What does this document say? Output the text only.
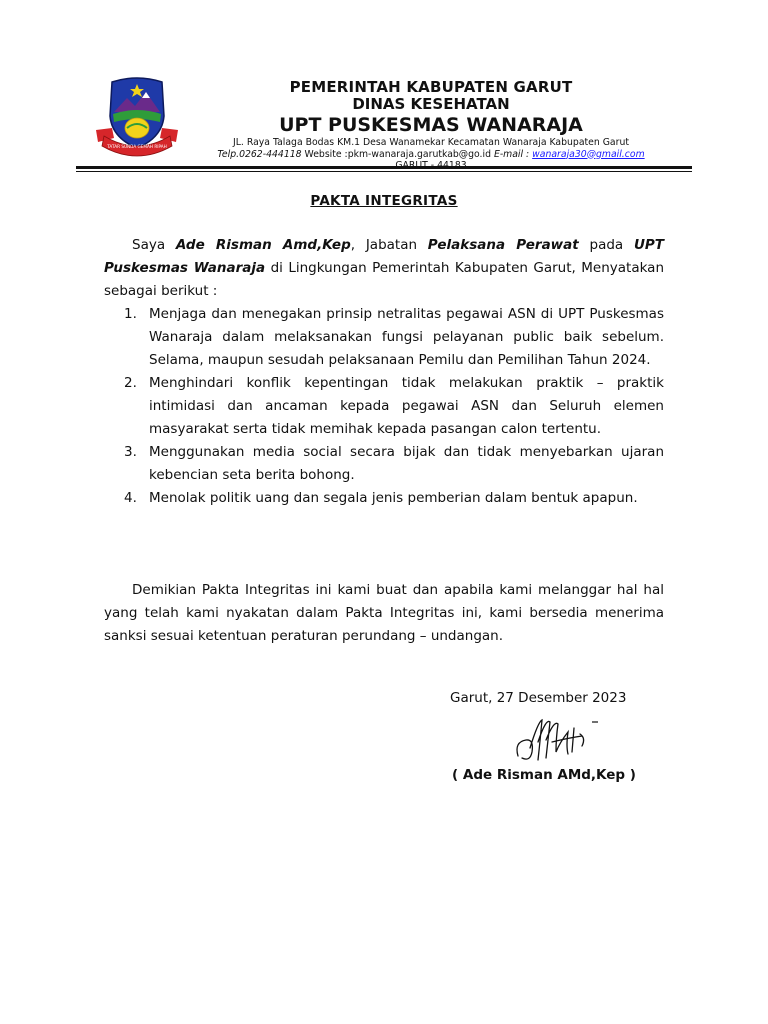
TATAR SUNDA GEMAH RIPAH
PEMERINTAH KABUPATEN GARUT
DINAS KESEHATAN
UPT PUSKESMAS WANARAJA
JL. Raya Talaga Bodas KM.1 Desa Wanamekar Kecamatan Wanaraja Kabupaten Garut
Telp.0262-444118 Website :pkm-wanaraja.garutkab@go.id E-mail : wanaraja30@gmail.com
PAKTA INTEGRITAS
Saya Ade Risman Amd,Kep, Jabatan Pelaksana Perawat pada UPT Puskesmas Wanaraja di Lingkungan Pemerintah Kabupaten Garut, Menyatakan sebagai berikut :
1. Menjaga dan menegakan prinsip netralitas pegawai ASN di UPT Puskesmas Wanaraja dalam melaksanakan fungsi pelayanan public baik sebelum. Selama, maupun sesudah pelaksanaan Pemilu dan Pemilihan Tahun 2024.
2. Menghindari konflik kepentingan tidak melakukan praktik – praktik intimidasi dan ancaman kepada pegawai ASN dan Seluruh elemen masyarakat serta tidak memihak kepada pasangan calon tertentu.
3. Menggunakan media social secara bijak dan tidak menyebarkan ujaran kebencian seta berita bohong.
4. Menolak politik uang dan segala jenis pemberian dalam bentuk apapun.
Demikian Pakta Integritas ini kami buat dan apabila kami melanggar hal hal yang telah kami nyakatan dalam Pakta Integritas ini, kami bersedia menerima sanksi sesuai ketentuan peraturan perundang – undangan.
Garut, 27 Desember 2023
( Ade Risman AMd,Kep )
